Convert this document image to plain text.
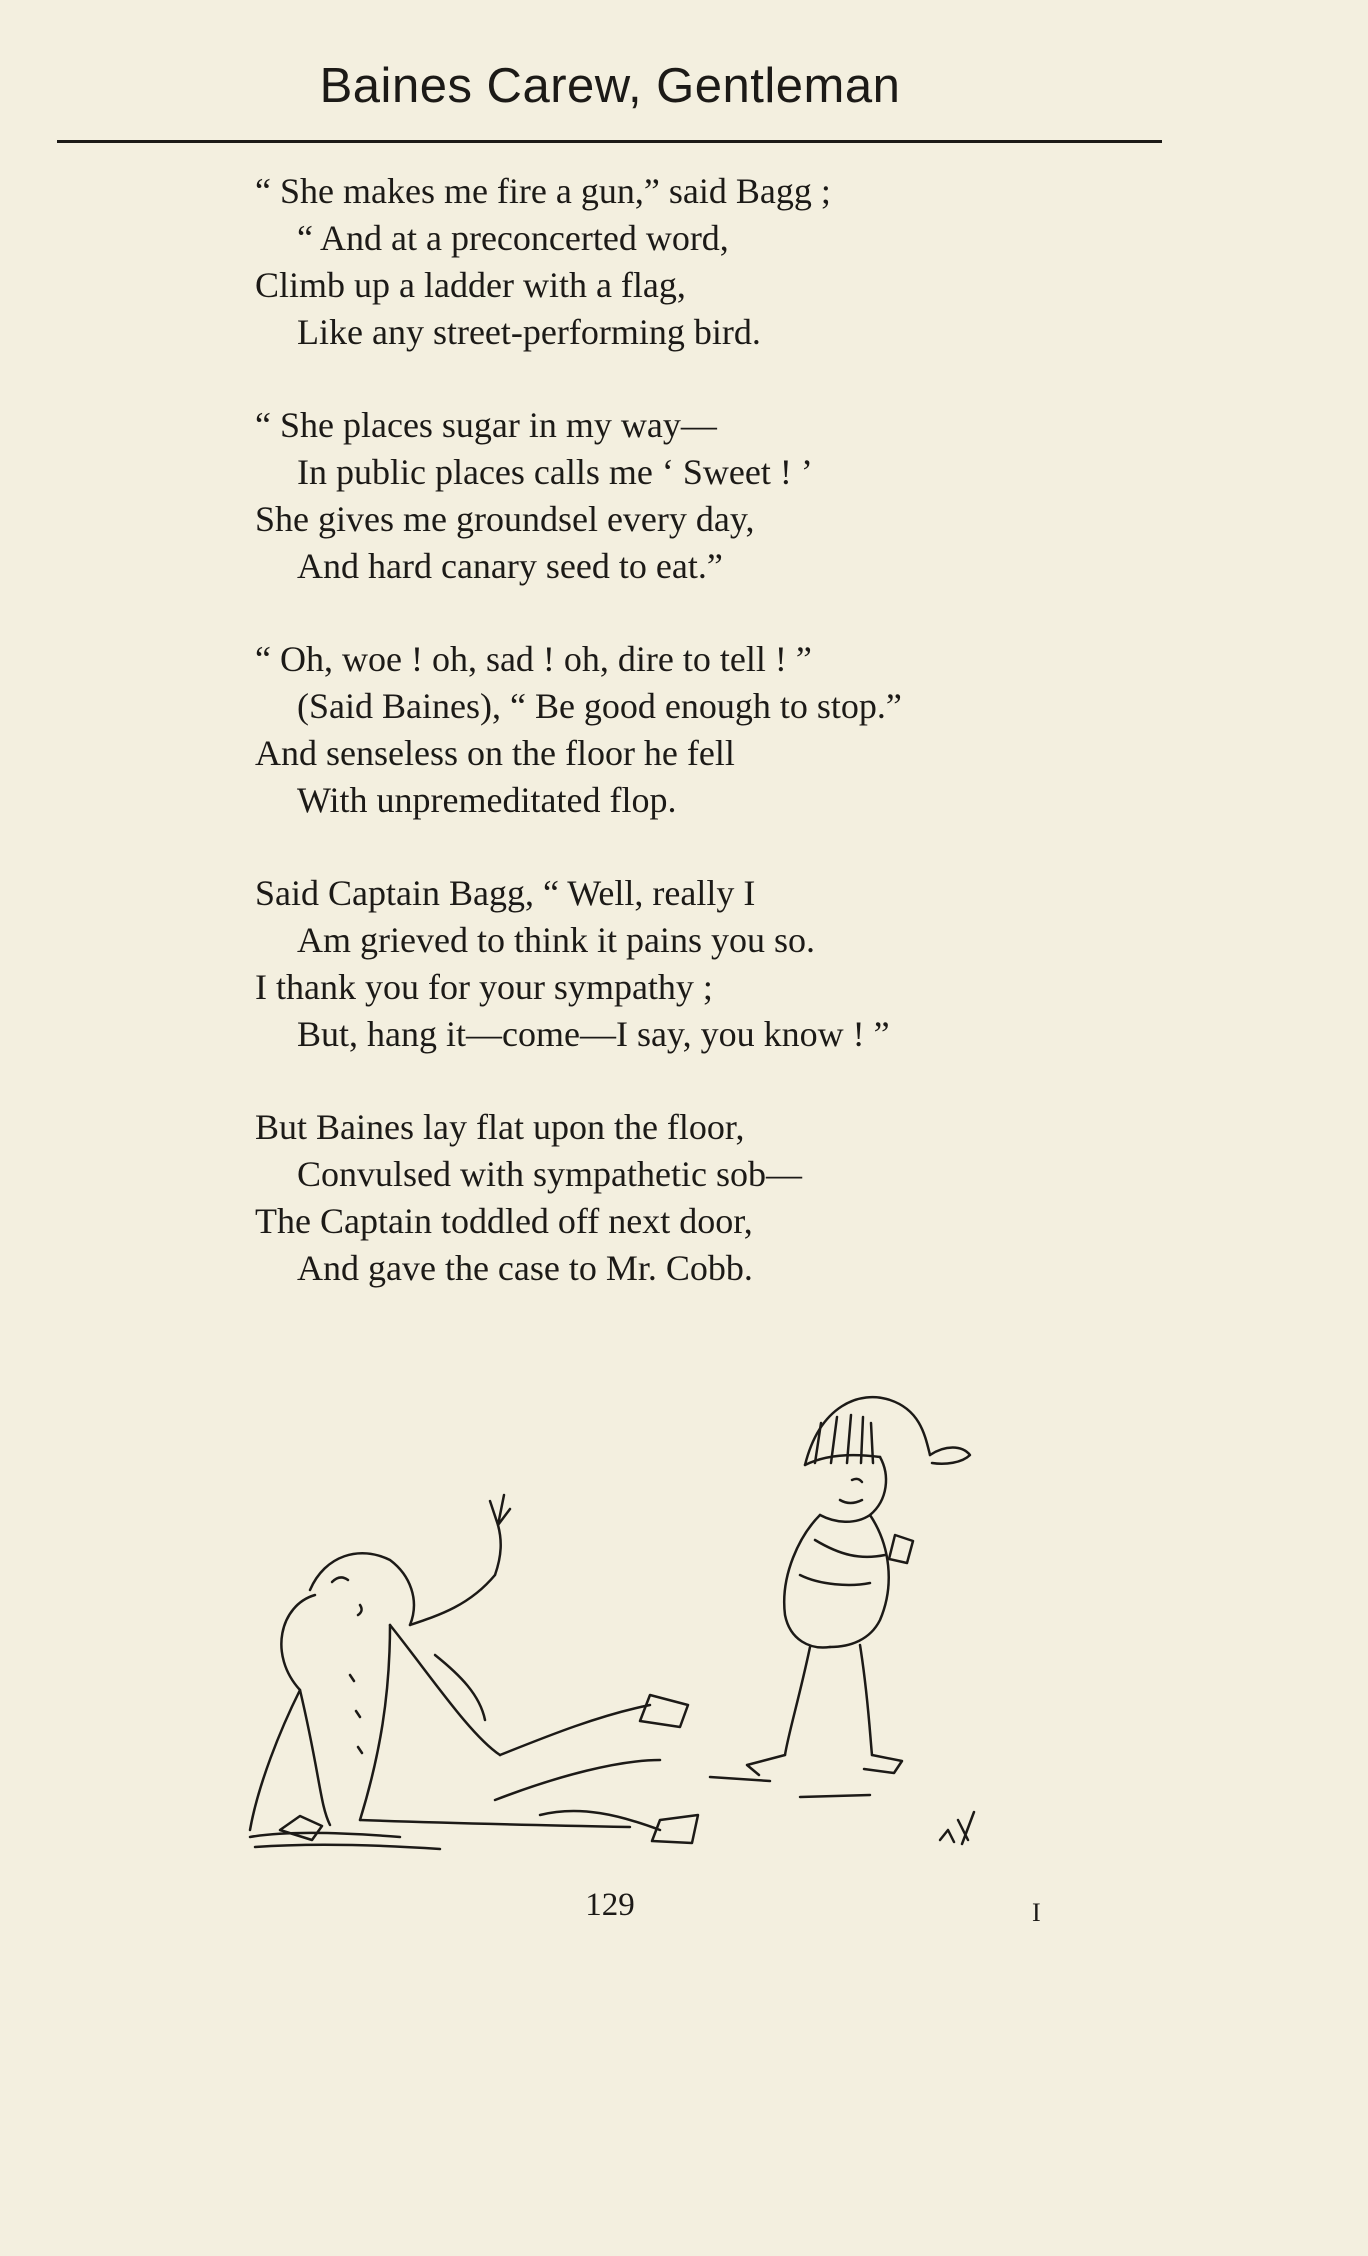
Baines Carew, Gentleman
“ She makes me fire a gun,” said Bagg ;
“ And at a preconcerted word,
Climb up a ladder with a flag,
Like any street-performing bird.
“ She places sugar in my way—
In public places calls me ‘ Sweet ! ’
She gives me groundsel every day,
And hard canary seed to eat.”
“ Oh, woe ! oh, sad ! oh, dire to tell ! ”
(Said Baines), “ Be good enough to stop.”
And senseless on the floor he fell
With unpremeditated flop.
Said Captain Bagg, “ Well, really I
Am grieved to think it pains you so.
I thank you for your sympathy ;
But, hang it—come—I say, you know ! ”
But Baines lay flat upon the floor,
Convulsed with sympathetic sob—
The Captain toddled off next door,
And gave the case to Mr. Cobb.
Bab
129	I
